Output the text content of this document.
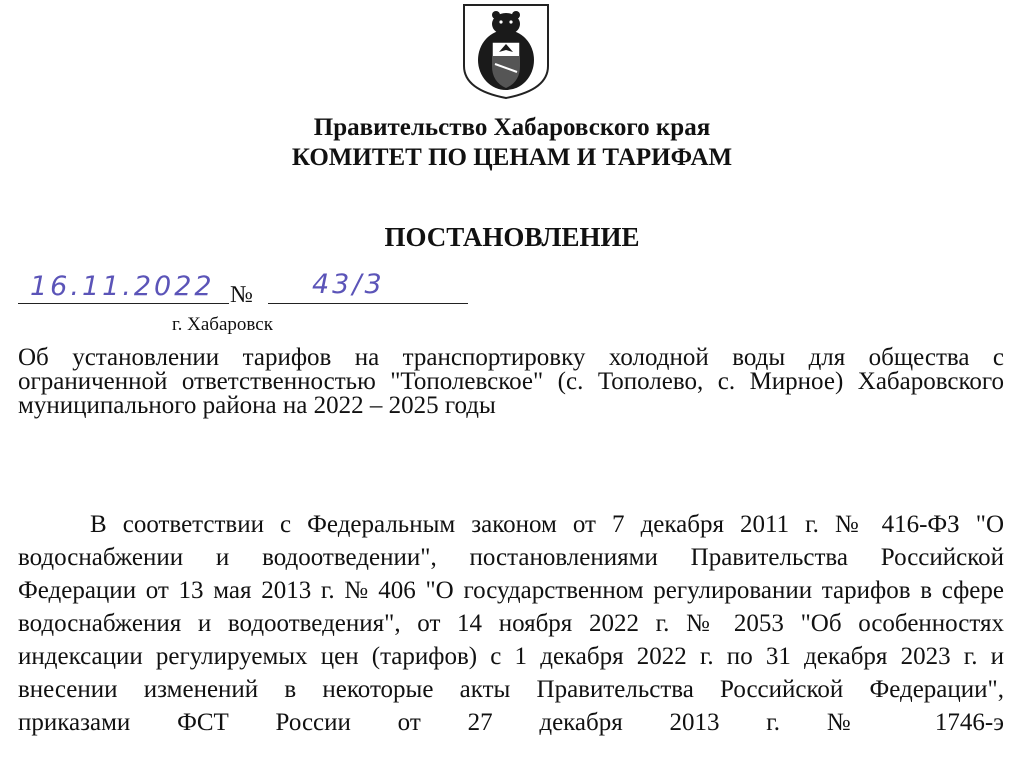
Правительство Хабаровского края
КОМИТЕТ ПО ЦЕНАМ И ТАРИФАМ
ПОСТАНОВЛЕНИЕ
16.11.2022 № 43/3
г. Хабаровск
Об установлении тарифов на транспортировку холодной воды для общества с ограниченной ответственностью "Тополевское" (с. Тополево, с. Мирное) Хабаровского муниципального района на 2022 – 2025 годы
В соответствии с Федеральным законом от 7 декабря 2011 г. № 416-ФЗ "О водоснабжении и водоотведении", постановлениями Правительства Российской Федерации от 13 мая 2013 г. № 406 "О государственном регулировании тарифов в сфере водоснабжения и водоотведения", от 14 ноября 2022 г. № 2053 "Об особенностях индексации регулируемых цен (тарифов) с 1 декабря 2022 г. по 31 декабря 2023 г. и внесении изменений в некоторые акты Правительства Российской Федерации", приказами ФСТ России от 27 декабря 2013 г. № 1746-э
